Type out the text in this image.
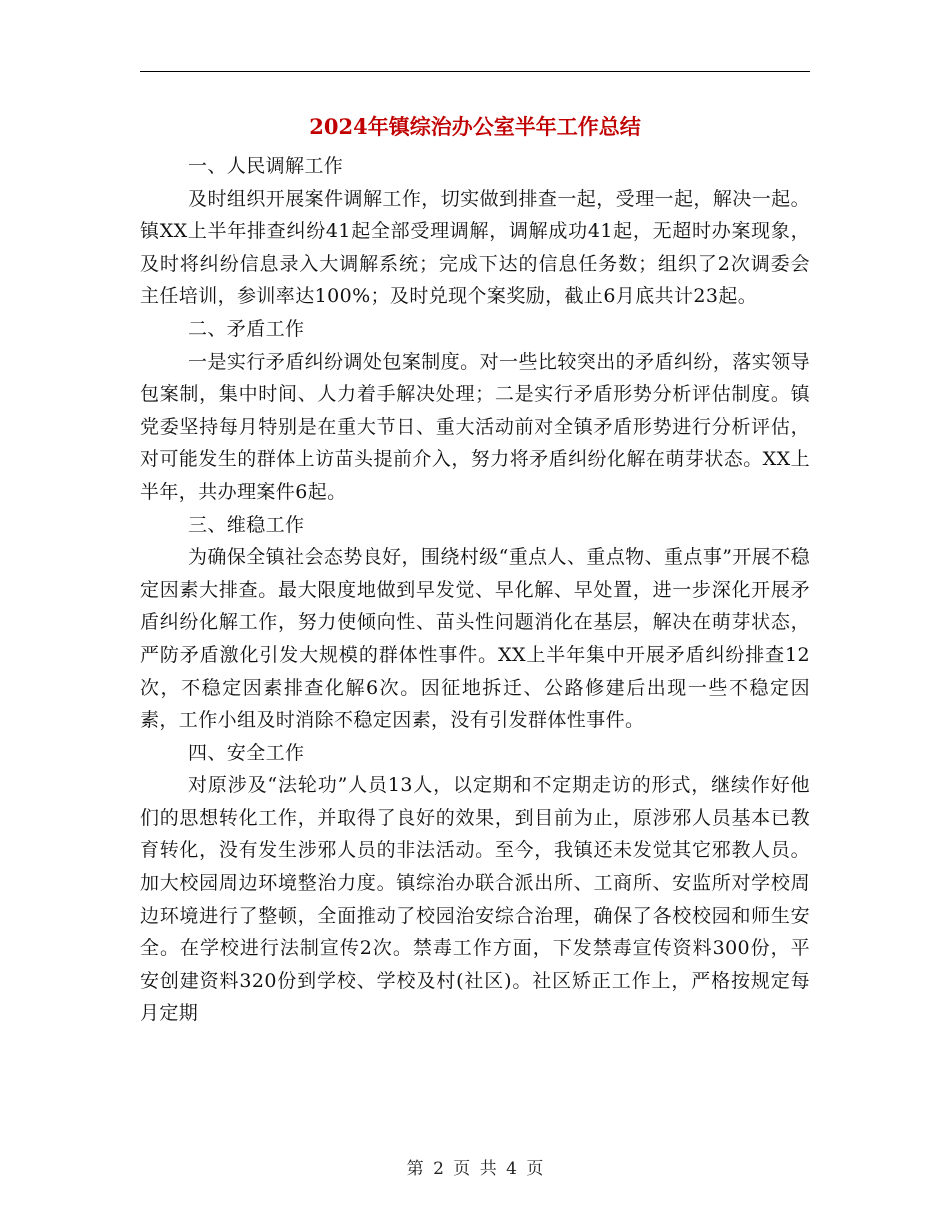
2024年镇综治办公室半年工作总结

一、人民调解工作

及时组织开展案件调解工作，切实做到排查一起，受理一起，解决一起。镇XX上半年排查纠纷41起全部受理调解，调解成功41起，无超时办案现象，及时将纠纷信息录入大调解系统；完成下达的信息任务数；组织了2次调委会主任培训，参训率达100%；及时兑现个案奖励，截止6月底共计23起。

二、矛盾工作

一是实行矛盾纠纷调处包案制度。对一些比较突出的矛盾纠纷，落实领导包案制，集中时间、人力着手解决处理；二是实行矛盾形势分析评估制度。镇党委坚持每月特别是在重大节日、重大活动前对全镇矛盾形势进行分析评估，对可能发生的群体上访苗头提前介入，努力将矛盾纠纷化解在萌芽状态。XX上半年，共办理案件6起。

三、维稳工作

为确保全镇社会态势良好，围绕村级“重点人、重点物、重点事”开展不稳定因素大排查。最大限度地做到早发觉、早化解、早处置，进一步深化开展矛盾纠纷化解工作，努力使倾向性、苗头性问题消化在基层，解决在萌芽状态，严防矛盾激化引发大规模的群体性事件。XX上半年集中开展矛盾纠纷排查12次，不稳定因素排查化解6次。因征地拆迁、公路修建后出现一些不稳定因素，工作小组及时消除不稳定因素，没有引发群体性事件。

四、安全工作

对原涉及“法轮功”人员13人，以定期和不定期走访的形式，继续作好他们的思想转化工作，并取得了良好的效果，到目前为止，原涉邪人员基本已教育转化，没有发生涉邪人员的非法活动。至今，我镇还未发觉其它邪教人员。加大校园周边环境整治力度。镇综治办联合派出所、工商所、安监所对学校周边环境进行了整顿，全面推动了校园治安综合治理，确保了各校校园和师生安全。在学校进行法制宣传2次。禁毒工作方面，下发禁毒宣传资料300份，平安创建资料320份到学校、学校及村(社区)。社区矫正工作上，严格按规定每月定期

第 2 页 共 4 页
